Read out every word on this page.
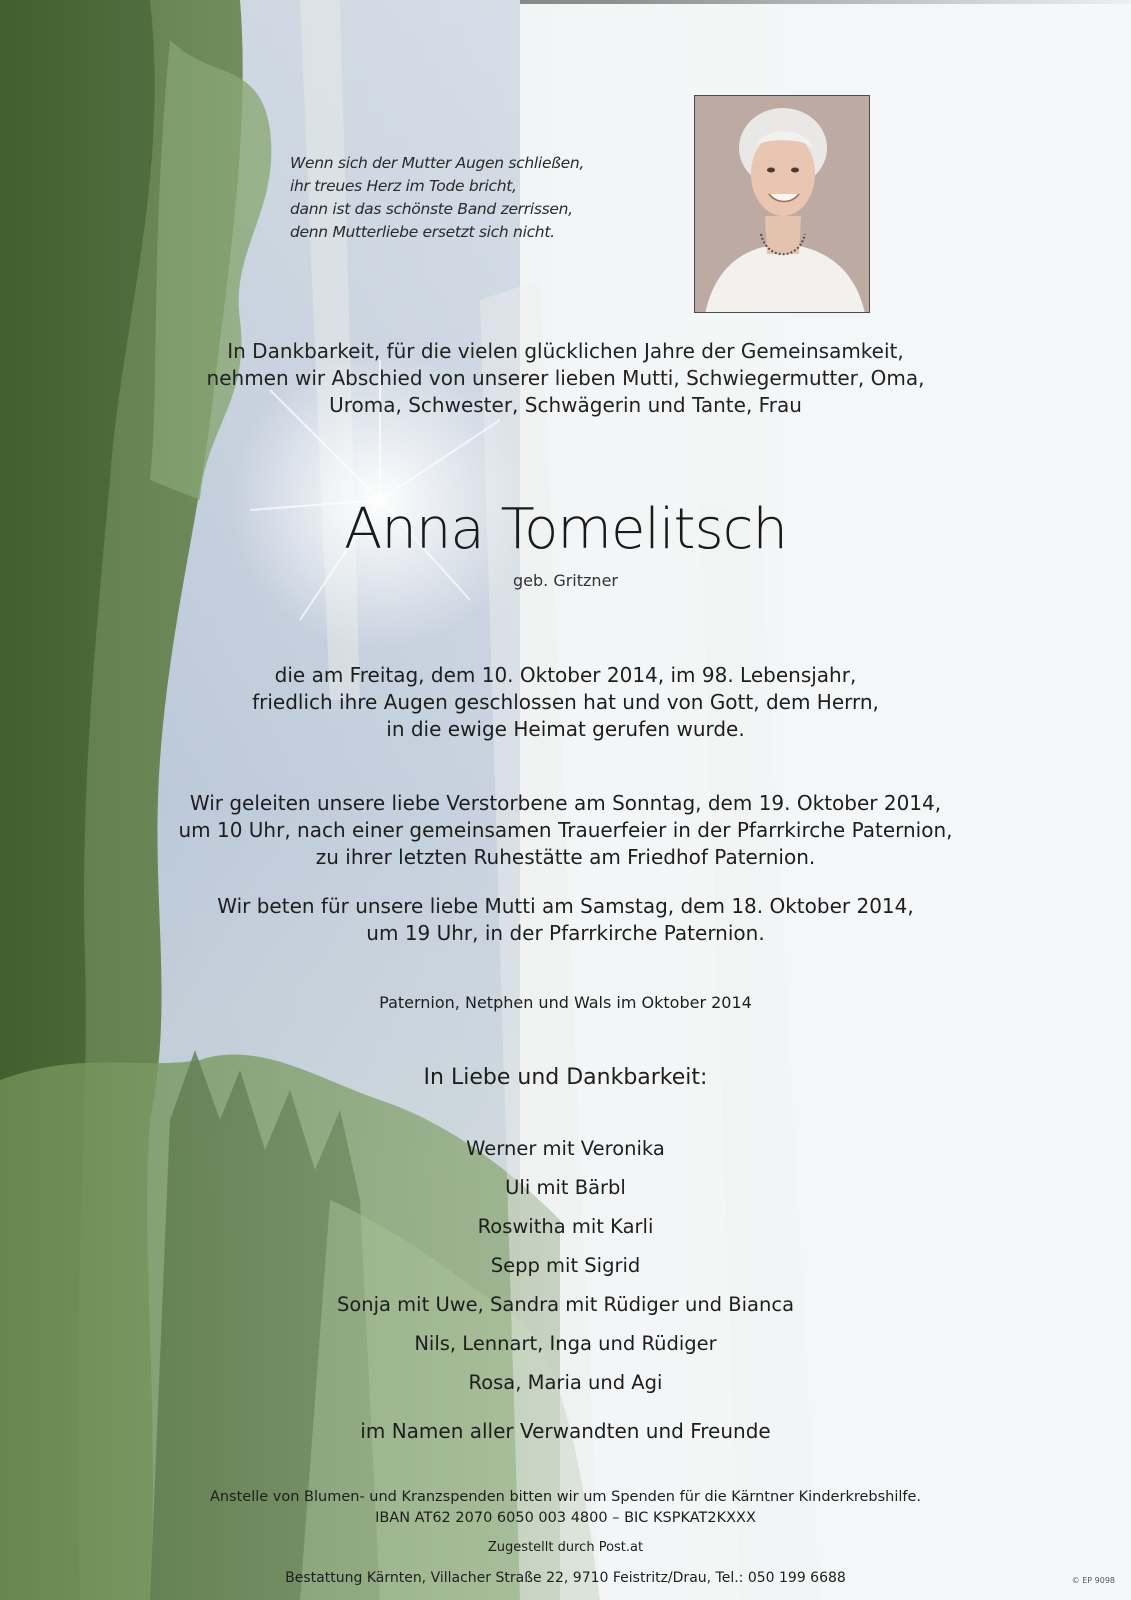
Wenn sich der Mutter Augen schließen,
ihr treues Herz im Tode bricht,
dann ist das schönste Band zerrissen,
denn Mutterliebe ersetzt sich nicht.
In Dankbarkeit, für die vielen glücklichen Jahre der Gemeinsamkeit,
nehmen wir Abschied von unserer lieben Mutti, Schwiegermutter, Oma,
Uroma, Schwester, Schwägerin und Tante, Frau
Anna Tomelitsch
geb. Gritzner
die am Freitag, dem 10. Oktober 2014, im 98. Lebensjahr,
friedlich ihre Augen geschlossen hat und von Gott, dem Herrn,
in die ewige Heimat gerufen wurde.
Wir geleiten unsere liebe Verstorbene am Sonntag, dem 19. Oktober 2014,
um 10 Uhr, nach einer gemeinsamen Trauerfeier in der Pfarrkirche Paternion,
zu ihrer letzten Ruhestätte am Friedhof Paternion.
Wir beten für unsere liebe Mutti am Samstag, dem 18. Oktober 2014,
um 19 Uhr, in der Pfarrkirche Paternion.
Paternion, Netphen und Wals im Oktober 2014
In Liebe und Dankbarkeit:
Werner mit Veronika
Uli mit Bärbl
Roswitha mit Karli
Sepp mit Sigrid
Sonja mit Uwe, Sandra mit Rüdiger und Bianca
Nils, Lennart, Inga und Rüdiger
Rosa, Maria und Agi
im Namen aller Verwandten und Freunde
Anstelle von Blumen- und Kranzspenden bitten wir um Spenden für die Kärntner Kinderkrebshilfe.
IBAN AT62 2070 6050 003 4800 – BIC KSPKAT2KXXX
Zugestellt durch Post.at
Bestattung Kärnten, Villacher Straße 22, 9710 Feistritz/Drau, Tel.: 050 199 6688	© EP 9098
